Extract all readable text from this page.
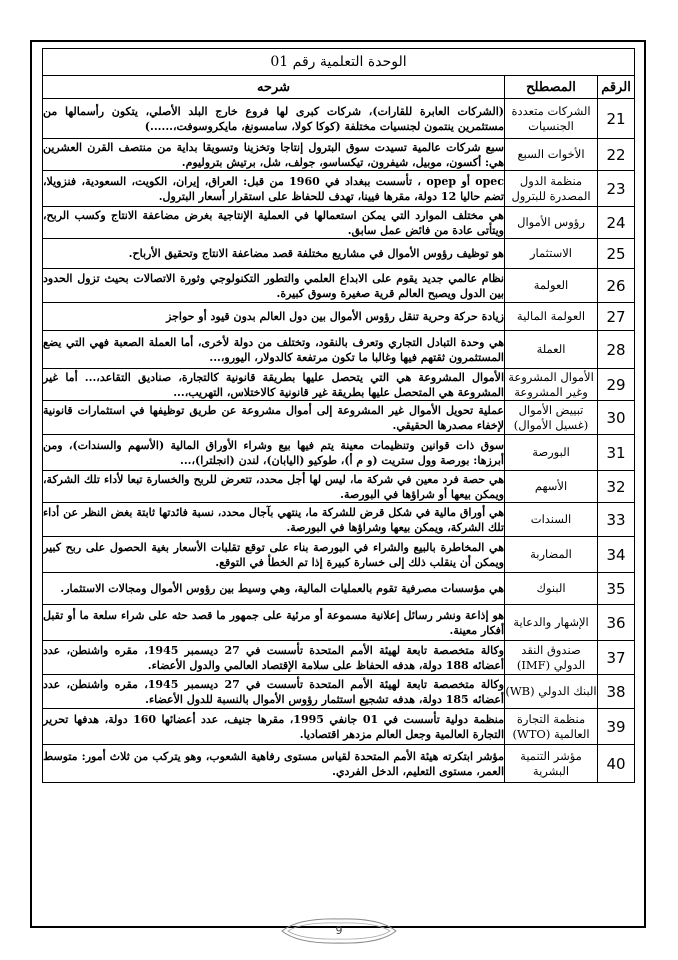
الوحدة التعلمية رقم 01		
الرقم	المصطلح	شرحه
21	الشركات متعددة الجنسيات	(الشركات العابرة للقارات)، شركات كبرى لها فروع خارج البلد الأصلي، يتكون رأسمالها من مستثمرين ينتمون لجنسيات مختلفة (كوكا كولا، سامسونغ، مايكروسوفت،......)
22	الأخوات السبع	سبع شركات عالمية تسيدت سوق البترول إنتاجا وتخزينا وتسويقا بداية من منتصف القرن العشرين هي: أكسون، موبيل، شيفرون، تيكساسو، جولف، شل، برتيش بتروليوم.
23	منظمة الدول المصدرة للبترول	opec أو opep ، تأسست ببغداد في 1960 من قبل: العراق، إيران، الكويت، السعودية، فنزويلا، تضم حاليا 12 دولة، مقرها فيينا، تهدف للحفاظ على استقرار أسعار البترول.
24	رؤوس الأموال	هي مختلف الموارد التي يمكن استعمالها في العملية الإنتاجية بغرض مضاعفة الانتاج وكسب الربح، ويتأتى عادة من فائض عمل سابق.
25	الاستثمار	هو توظيف رؤوس الأموال في مشاريع مختلفة قصد مضاعفة الانتاج وتحقيق الأرباح.
26	العولمة	نظام عالمي جديد يقوم على الابداع العلمي والتطور التكنولوجي وثورة الاتصالات بحيث تزول الحدود بين الدول ويصبح العالم قرية صغيرة وسوق كبيرة.
27	العولمة المالية	زيادة حركة وحرية تنقل رؤوس الأموال بين دول العالم بدون قيود أو حواجز
28	العملة	هي وحدة التبادل التجاري وتعرف بالنقود، وتختلف من دولة لأخرى، أما العملة الصعبة فهي التي يضع المستثمرون ثقتهم فيها وغالبا ما تكون مرتفعة كالدولار، اليورو،...
29	الأموال المشروعة وغير المشروعة	الأموال المشروعة هي التي يتحصل عليها بطريقة قانونية كالتجارة، صناديق التقاعد،... أما غير المشروعة هي المتحصل عليها بطريقة غير قانونية كالاختلاس، التهريب،...
30	تبييض الأموال (غسيل الأموال)	عملية تحويل الأموال غير المشروعة إلى أموال مشروعة عن طريق توظيفها في استثمارات قانونية لإخفاء مصدرها الحقيقي.
31	البورصة	سوق ذات قوانين وتنظيمات معينة يتم فيها بيع وشراء الأوراق المالية (الأسهم والسندات)، ومن أبرزها: بورصة وول ستريت (و م أ)، طوكيو (اليابان)، لندن (انجلترا)،...
32	الأسهم	هي حصة فرد معين في شركة ما، ليس لها أجل محدد، تتعرض للربح والخسارة تبعا لأداء تلك الشركة، ويمكن بيعها أو شراؤها في البورصة.
33	السندات	هي أوراق مالية في شكل قرض للشركة ما، ينتهي بآجال محدد، نسبة فائدتها ثابتة بغض النظر عن أداء تلك الشركة، ويمكن بيعها وشراؤها في البورصة.
34	المضاربة	هي المخاطرة بالبيع والشراء في البورصة بناء على توقع تقلبات الأسعار بغية الحصول على ربح كبير ويمكن أن ينقلب ذلك إلى خسارة كبيرة إذا تم الخطأ في التوقع.
35	البنوك	هي مؤسسات مصرفية تقوم بالعمليات المالية، وهي وسيط بين رؤوس الأموال ومجالات الاستثمار.
36	الإشهار والدعاية	هو إذاعة ونشر رسائل إعلانية مسموعة أو مرئية على جمهور ما قصد حثه على شراء سلعة ما أو تقبل أفكار معينة.
37	صندوق النقد الدولي (IMF)	وكالة متخصصة تابعة لهيئة الأمم المتحدة تأسست في 27 ديسمبر 1945، مقره واشنطن، عدد أعضائه 188 دولة، هدفه الحفاظ على سلامة الإقتصاد العالمي والدول الأعضاء.
38	البنك الدولي (WB)	وكالة متخصصة تابعة لهيئة الأمم المتحدة تأسست في 27 ديسمبر 1945، مقره واشنطن، عدد أعضائه 185 دولة، هدفه تشجيع استثمار رؤوس الأموال بالنسبة للدول الأعضاء.
39	منظمة التجارة العالمية (WTO)	منظمة دولية تأسست في 01 جانفي 1995، مقرها جنيف، عدد أعضائها 160 دولة، هدفها تحرير التجارة العالمية وجعل العالم مزدهر اقتصاديا.
40	مؤشر التنمية البشرية	مؤشر ابتكرته هيئة الأمم المتحدة لقياس مستوى رفاهية الشعوب، وهو يتركب من ثلاث أمور: متوسط العمر، مستوى التعليم، الدخل الفردي.
9
